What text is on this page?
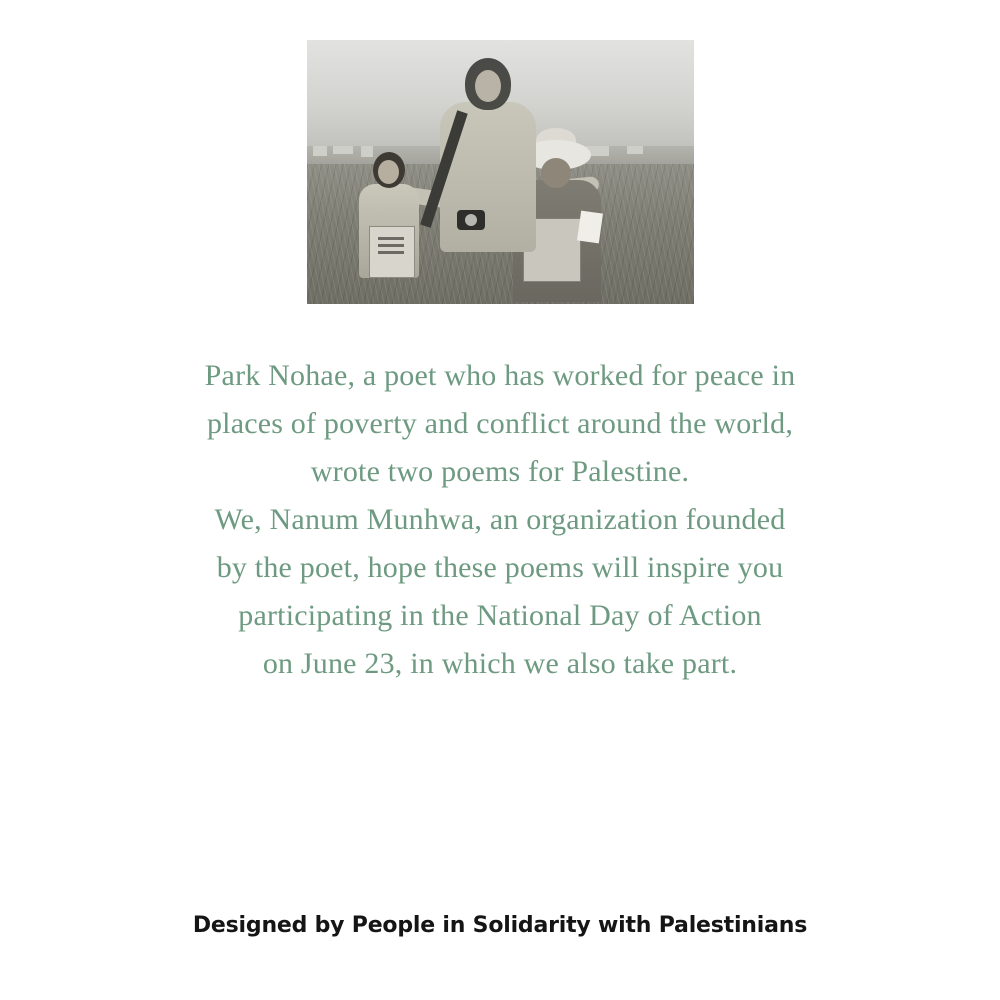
Park Nohae, a poet who has worked for peace in
places of poverty and conflict around the world,
wrote two poems for Palestine.
We, Nanum Munhwa, an organization founded
by the poet, hope these poems will inspire you
participating in the National Day of Action
on June 23, in which we also take part.
Designed by People in Solidarity with Palestinians
